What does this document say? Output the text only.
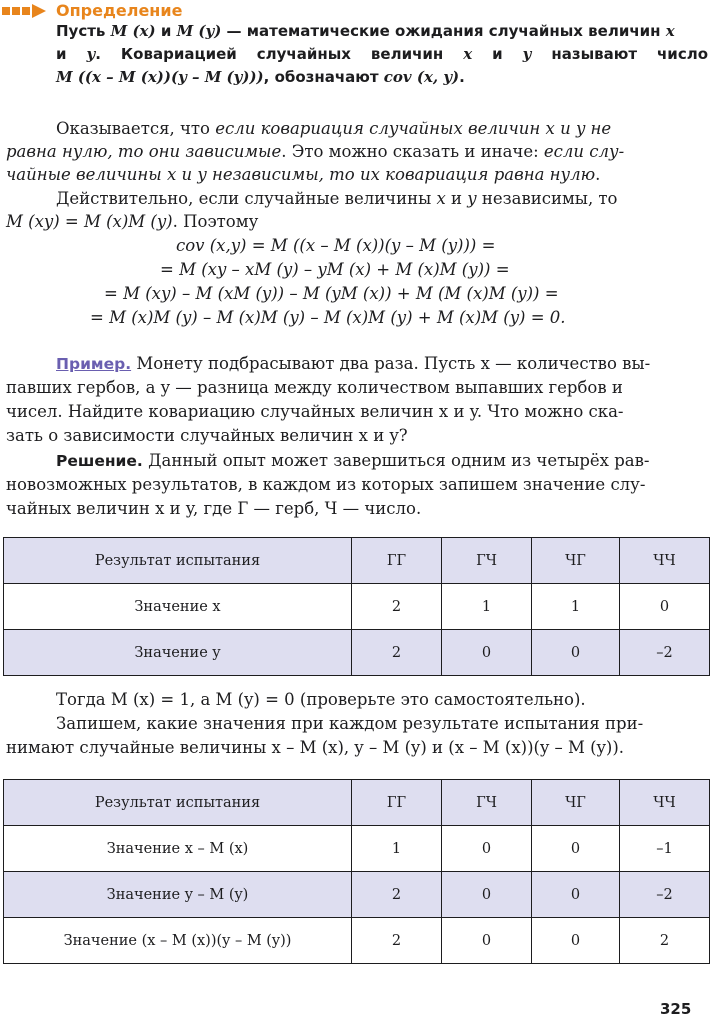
Определение
Пусть M (x) и M (y) — математические ожидания случайных величин x
и y. Ковариацией случайных величин x и y называют число
M ((x – M (x))(y – M (y))), обозначают cov (x, y).
Оказывается, что если ковариация случайных величин x и y не
равна нулю, то они зависимые. Это можно сказать и иначе: если слу-
чайные величины x и y независимы, то их ковариация равна нулю.
Действительно, если случайные величины x и y независимы, то
M (xy) = M (x)M (y). Поэтому
cov (x,y) = M ((x – M (x))(y – M (y))) =
= M (xy – xM (y) – yM (x) + M (x)M (y)) =
= M (xy) – M (xM (y)) – M (yM (x)) + M (M (x)M (y)) =
= M (x)M (y) – M (x)M (y) – M (x)M (y) + M (x)M (y) = 0.
Пример. Монету подбрасывают два раза. Пусть x — количество вы-
павших гербов, а y — разница между количеством выпавших гербов и
чисел. Найдите ковариацию случайных величин x и y. Что можно ска-
зать о зависимости случайных величин x и y?
Решение. Данный опыт может завершиться одним из четырёх рав-
новозможных результатов, в каждом из которых запишем значение слу-
чайных величин x и y, где Г — герб, Ч — число.
Результат испытания	ГГ	ГЧ	ЧГ	ЧЧ
Значение x	2	1	1	0
Значение y	2	0	0	–2
Тогда M (x) = 1, а M (y) = 0 (проверьте это самостоятельно).
Запишем, какие значения при каждом результате испытания при-
нимают случайные величины x – M (x), y – M (y) и (x – M (x))(y – M (y)).
Результат испытания	ГГ	ГЧ	ЧГ	ЧЧ
Значение x – M (x)	1	0	0	–1
Значение y – M (y)	2	0	0	–2
Значение (x – M (x))(y – M (y))	2	0	0	2
325
